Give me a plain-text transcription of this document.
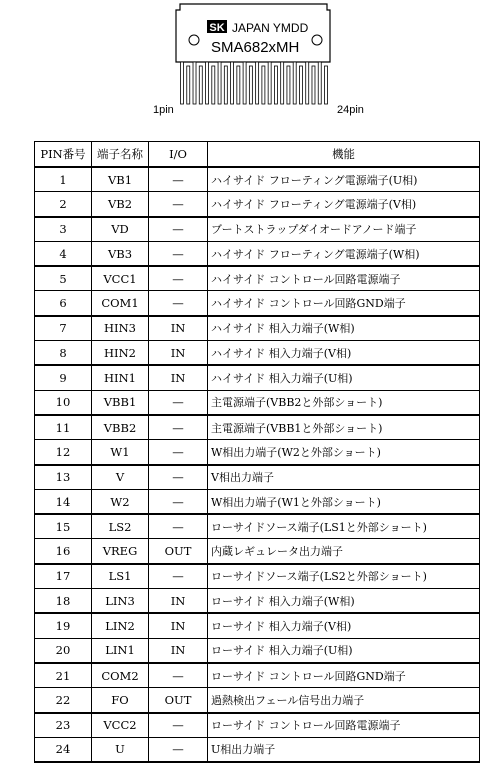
SK JAPAN YMDD
SMA682xMH
1pin	24pin
PIN番号	端子名称	I/O	機能
1	VB1	—	ハイサイド フローティング電源端子(U相)
2	VB2	—	ハイサイド フローティング電源端子(V相)
3	VD	—	ブートストラップダイオードアノード端子
4	VB3	—	ハイサイド フローティング電源端子(W相)
5	VCC1	—	ハイサイド コントロール回路電源端子
6	COM1	—	ハイサイド コントロール回路GND端子
7	HIN3	IN	ハイサイド 相入力端子(W相)
8	HIN2	IN	ハイサイド 相入力端子(V相)
9	HIN1	IN	ハイサイド 相入力端子(U相)
10	VBB1	—	主電源端子(VBB2と外部ショート)
11	VBB2	—	主電源端子(VBB1と外部ショート)
12	W1	—	W相出力端子(W2と外部ショート)
13	V	—	V相出力端子
14	W2	—	W相出力端子(W1と外部ショート)
15	LS2	—	ローサイドソース端子(LS1と外部ショート)
16	VREG	OUT	内蔵レギュレータ出力端子
17	LS1	—	ローサイドソース端子(LS2と外部ショート)
18	LIN3	IN	ローサイド 相入力端子(W相)
19	LIN2	IN	ローサイド 相入力端子(V相)
20	LIN1	IN	ローサイド 相入力端子(U相)
21	COM2	—	ローサイド コントロール回路GND端子
22	FO	OUT	過熱検出フェール信号出力端子
23	VCC2	—	ローサイド コントロール回路電源端子
24	U	—	U相出力端子
